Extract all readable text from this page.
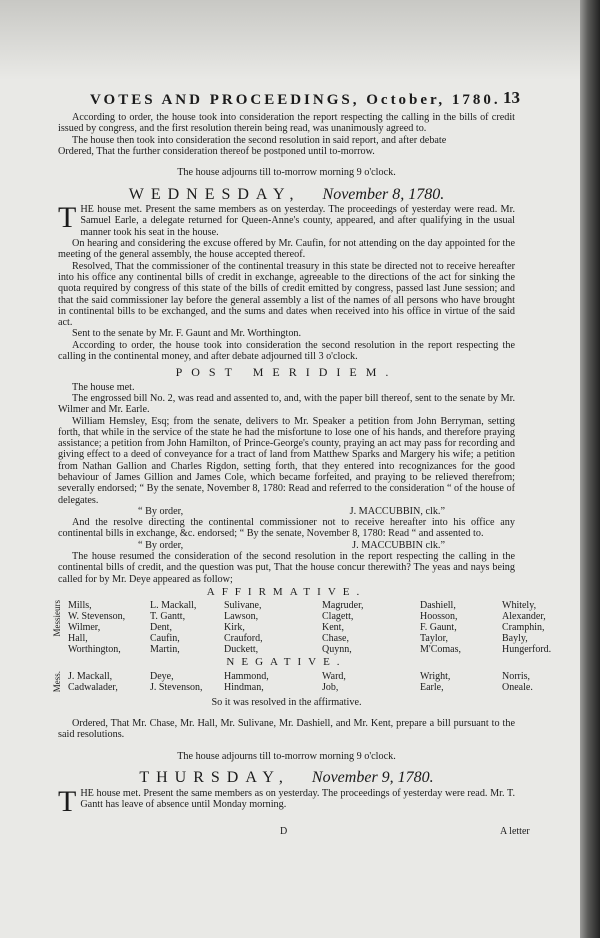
VOTES AND PROCEEDINGS, October, 1780. 13

According to order, the house took into consideration the report respecting the calling in the bills of credit issued by congress, and the first resolution therein being read, was unanimously agreed to.

The house then took into consideration the second resolution in said report, and after debate

Ordered, That the further consideration thereof be postponed until to-morrow.

The house adjourns till to-morrow morning 9 o'clock.

WEDNESDAY, November 8, 1780.

THE house met. Present the same members as on yesterday. The proceedings of yesterday were read. Mr. Samuel Earle, a delegate returned for Queen-Anne's county, appeared, and after qualifying in the usual manner took his seat in the house.

On hearing and considering the excuse offered by Mr. Caufin, for not attending on the day appointed for the meeting of the general assembly, the house accepted thereof.

Resolved, That the commissioner of the continental treasury in this state be directed not to receive hereafter into his office any continental bills of credit in exchange, agreeable to the directions of the act for sinking the quota required by congress of this state of the bills of credit emitted by congress, passed last June session; and that the said commissioner lay before the general assembly a list of the names of all persons who have brought in continental bills to be exchanged, and the sums and dates when received into his office in virtue of the said act.

Sent to the senate by Mr. F. Gaunt and Mr. Worthington.

According to order, the house took into consideration the second resolution in the report respecting the calling in the continental money, and after debate adjourned till 3 o'clock.

POST MERIDIEM.

The house met.

The engrossed bill No. 2, was read and assented to, and, with the paper bill thereof, sent to the senate by Mr. Wilmer and Mr. Earle.

William Hemsley, Esq; from the senate, delivers to Mr. Speaker a petition from John Berryman, setting forth, that while in the service of the state he had the misfortune to lose one of his hands, and therefore praying assistance; a petition from John Hamilton, of Prince-George's county, praying an act may pass for recording and giving effect to a deed of conveyance for a tract of land from Matthew Sparks and Margery his wife; a petition from Nathan Gallion and Charles Rigdon, setting forth, that they entered into recognizances for the good behaviour of James Gillion and James Cole, which became forfeited, and praying to be relieved therefrom; severally endorsed; “ By the senate, November 8, 1780: Read and referred to the consideration “ of the house of delegates.

“ By order,	J. MACCUBBIN, clk.”

And the resolve directing the continental commissioner not to receive hereafter into his office any continental bills in exchange, &c. endorsed; “ By the senate, November 8, 1780: Read “ and assented to.

“ By order,	J. MACCUBBIN clk.”

The house resumed the consideration of the second resolution in the report respecting the calling in the continental bills of credit, and the question was put, That the house concur therewith? The yeas and nays being called for by Mr. Deye appeared as follow;

AFFIRMATIVE.
Messieurs Mills,	L. Mackall,	Sulivane,	Magruder,	Dashiell,	Whitely,
W. Stevenson,	T. Gantt,	Lawson,	Clagett,	Hoosson,	Alexander,
Wilmer,	Dent,	Kirk,	Kent,	F. Gaunt,	Cramphin,
Hall,	Caufin,	Crauford,	Chase,	Taylor,	Bayly,
Worthington,	Martin,	Duckett,	Quynn,	M'Comas,	Hungerford.
NEGATIVE.
Mess. J. Mackall,	Deye,	Hammond,	Ward,	Wright,	Norris,
Cadwalader,	J. Stevenson,	Hindman,	Job,	Earle,	Oneale.

So it was resolved in the affirmative.

Ordered, That Mr. Chase, Mr. Hall, Mr. Sulivane, Mr. Dashiell, and Mr. Kent, prepare a bill pursuant to the said resolutions.

The house adjourns till to-morrow morning 9 o'clock.

THURSDAY, November 9, 1780.

THE house met. Present the same members as on yesterday. The proceedings of yesterday were read. Mr. T. Gantt has leave of absence until Monday morning.

D	A letter
